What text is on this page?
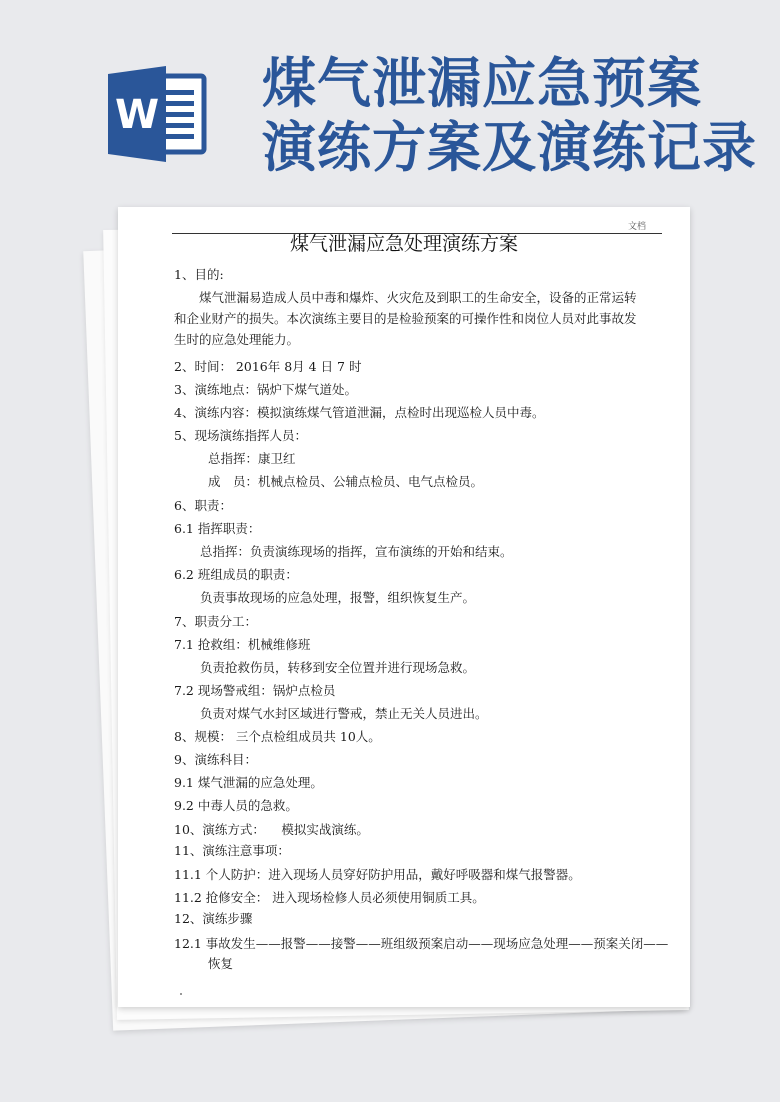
W 煤气泄漏应急预案
演练方案及演练记录
文档
煤气泄漏应急处理演练方案
1、目的:
煤气泄漏易造成人员中毒和爆炸、火灾危及到职工的生命安全，设备的正常运转和企业财产的损失。本次演练主要目的是检验预案的可操作性和岗位人员对此事故发生时的应急处理能力。
2、时间： 2016年 8月 4 日 7 时
3、演练地点：锅炉下煤气道处。
4、演练内容：模拟演练煤气管道泄漏，点检时出现巡检人员中毒。
5、现场演练指挥人员：
总指挥：康卫红
成　员：机械点检员、公辅点检员、电气点检员。
6、职责：
6.1 指挥职责：
总指挥：负责演练现场的指挥，宣布演练的开始和结束。
6.2 班组成员的职责：
负责事故现场的应急处理，报警，组织恢复生产。
7、职责分工：
7.1 抢救组：机械维修班
负责抢救伤员，转移到安全位置并进行现场急救。
7.2 现场警戒组：锅炉点检员
负责对煤气水封区域进行警戒，禁止无关人员进出。
8、规模： 三个点检组成员共 10人。
9、演练科目：
9.1 煤气泄漏的应急处理。
9.2 中毒人员的急救。
10、演练方式： 　模拟实战演练。
11、演练注意事项：
11.1 个人防护：进入现场人员穿好防护用品，戴好呼吸器和煤气报警器。
11.2 抢修安全： 进入现场检修人员必须使用铜质工具。
12、演练步骤
12.1 事故发生——报警——接警——班组级预案启动——现场应急处理——预案关闭——恢复
